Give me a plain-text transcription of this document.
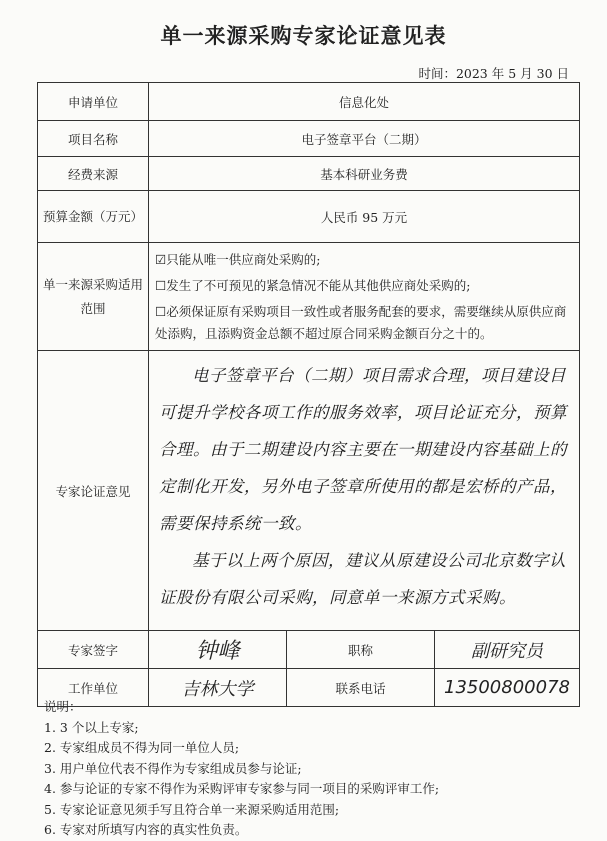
单一来源采购专家论证意见表
时间：2023 年 5 月 30 日
申请单位	信息化处		
项目名称	电子签章平台（二期）		
经费来源	基本科研业务费		
预算金额（万元）	人民币 95 万元		
单一来源采购适用范围	☑只能从唯一供应商处采购的;
☐发生了不可预见的紧急情况不能从其他供应商处采购的;
☐必须保证原有采购项目一致性或者服务配套的要求，需要继续从原供应商处添购，且添购资金总额不超过原合同采购金额百分之十的。		

专家论证意见	电子签章平台（二期）项目需求合理，项目建设目可提升学校各项工作的服务效率，项目论证充分，预算合理。由于二期建设内容主要在一期建设内容基础上的定制化开发，另外电子签章所使用的都是宏桥的产品，需要保持系统一致。

基于以上两个原因，建议从原建设公司北京数字认证股份有限公司采购，同意单一来源方式采购。		

专家签字	钟峰	职称	副研究员
工作单位	吉林大学	联系电话	13500800078
说明：
1. 3 个以上专家;
2. 专家组成员不得为同一单位人员;
3. 用户单位代表不得作为专家组成员参与论证;
4. 参与论证的专家不得作为采购评审专家参与同一项目的采购评审工作;
5. 专家论证意见须手写且符合单一来源采购适用范围;
6. 专家对所填写内容的真实性负责。
